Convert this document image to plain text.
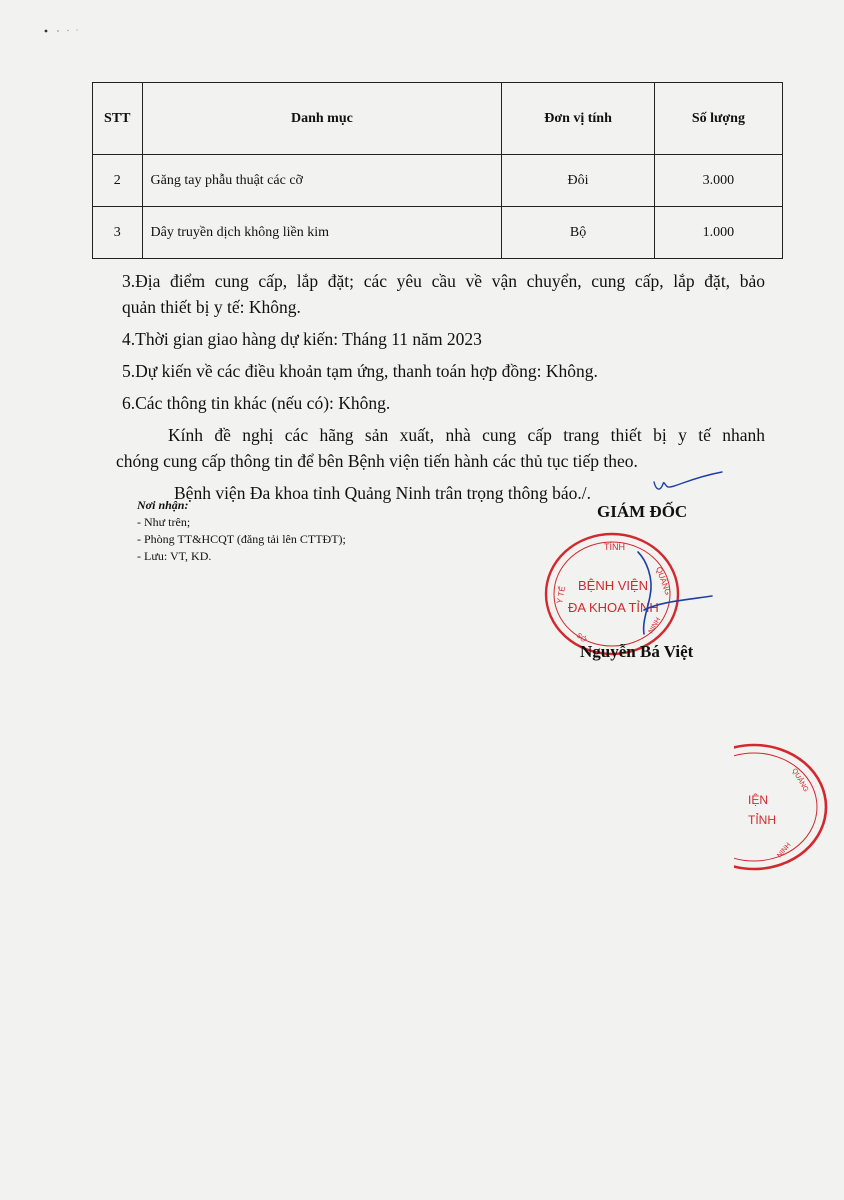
STT	Danh mục	Đơn vị tính	Số lượng
2	Găng tay phẫu thuật các cỡ	Đôi	3.000
3	Dây truyền dịch không liền kim	Bộ	1.000

3.Địa điểm cung cấp, lắp đặt; các yêu cầu về vận chuyển, cung cấp, lắp đặt, bảo

quản thiết bị y tế: Không.

4.Thời gian giao hàng dự kiến: Tháng 11 năm 2023

5.Dự kiến về các điều khoản tạm ứng, thanh toán hợp đồng: Không.

6.Các thông tin khác (nếu có): Không.

Kính đề nghị các hãng sản xuất, nhà cung cấp trang thiết bị y tế nhanh

chóng cung cấp thông tin để bên Bệnh viện tiến hành các thủ tục tiếp theo.

Bệnh viện Đa khoa tỉnh Quảng Ninh trân trọng thông báo./.

Nơi nhận:
- Như trên;
- Phòng TT&HCQT (đăng tải lên CTTĐT);
- Lưu: VT, KD.
GIÁM ĐỐC
TỈNH
Y TẾ	QUẢNG
NINH
SỞ
BỆNH VIỆN
ĐA KHOA TỈNH
Nguyễn Bá Việt
IỆN
TỈNH
QUẢNG
NINH
